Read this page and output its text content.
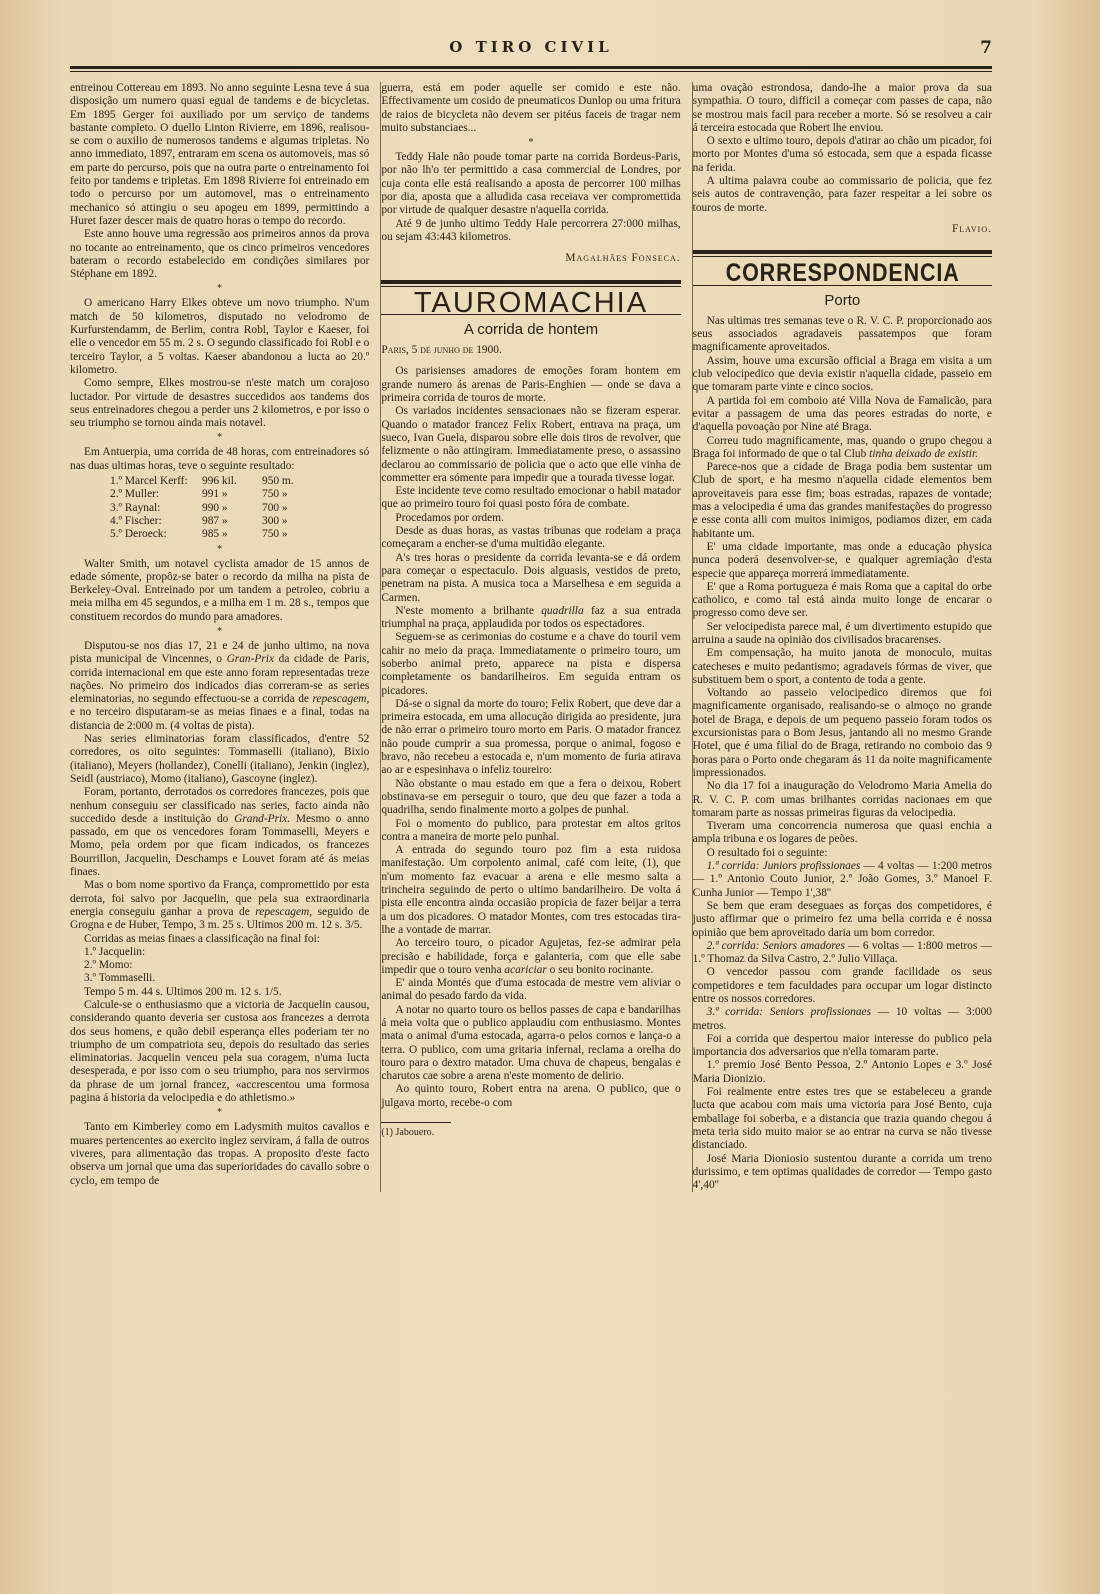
O TIRO CIVIL	7

entreinou Cottereau em 1893. No anno seguinte Lesna teve á sua disposição um numero quasi egual de tandems e de bicycletas. Em 1895 Gerger foi auxiliado por um serviço de tandems bastante completo. O duello Linton Rivierre, em 1896, realisou-se com o auxilio de numerosos tandems e algumas tripletas. No anno immediato, 1897, entraram em scena os automoveis, mas só em parte do percurso, pois que na outra parte o entreinamento foi feito por tandems e tripletas. Em 1898 Rivierre foi entreinado em todo o percurso por um automovel, mas o entreinamento mechanico só attingiu o seu apogeu em 1899, permittindo a Huret fazer descer mais de quatro horas o tempo do recordo.

Este anno houve uma regressão aos primeiros annos da prova no tocante ao entreinamento, que os cinco primeiros vencedores bateram o recordo estabelecido em condições similares por Stéphane em 1892.

*

O americano Harry Elkes obteve um novo triumpho. N'um match de 50 kilometros, disputado no velodromo de Kurfurstendamm, de Berlim, contra Robl, Taylor e Kaeser, foi elle o vencedor em 55 m. 2 s. O segundo classificado foi Robl e o terceiro Taylor, a 5 voltas. Kaeser abandonou a lucta ao 20.º kilometro.

Como sempre, Elkes mostrou-se n'este match um corajoso luctador. Por virtude de desastres succedidos aos tandems dos seus entreinadores chegou a perder uns 2 kilometros, e por isso o seu triumpho se tornou ainda mais notavel.

*

Em Antuerpia, uma corrida de 48 horas, com entreinadores só nas duas ultimas horas, teve o seguinte resultado:

1.º Marcel Kerff:	996 kil.	950 m.
2.º Muller:	991 »	750 »
3.º Raynal:	990 »	700 »
4.º Fischer:	987 »	300 »
5.º Deroeck:	985 »	750 »
*

Walter Smith, um notavel cyclista amador de 15 annos de edade sómente, propôz-se bater o recordo da milha na pista de Berkeley-Oval. Entreinado por um tandem a petroleo, cobriu a meia milha em 45 segundos, e a milha em 1 m. 28 s., tempos que constituem recordos do mundo para amadores.

*

Disputou-se nos dias 17, 21 e 24 de junho ultimo, na nova pista municipal de Vincennes, o Gran-Prix da cidade de Paris, corrida internacional em que este anno foram representadas treze nações. No primeiro dos indicados dias correram-se as series eleminatorias, no segundo effectuou-se a corrida de repescagem, e no terceiro disputaram-se as meias finaes e a final, todas na distancia de 2:000 m. (4 voltas de pista).

Nas series eliminatorias foram classificados, d'entre 52 corredores, os oito seguintes: Tommaselli (italiano), Bixio (italiano), Meyers (hollandez), Conelli (italiano), Jenkin (inglez), Seidl (austriaco), Momo (italiano), Gascoyne (inglez).

Foram, portanto, derrotados os corredores francezes, pois que nenhum conseguiu ser classificado nas series, facto ainda não succedido desde a instituição do Grand-Prix. Mesmo o anno passado, em que os vencedores foram Tommaselli, Meyers e Momo, pela ordem por que ficam indicados, os francezes Bourrillon, Jacquelin, Deschamps e Louvet foram até ás meias finaes.

Mas o bom nome sportivo da França, compromettido por esta derrota, foi salvo por Jacquelin, que pela sua extraordinaria energia conseguiu ganhar a prova de repescagem, seguido de Grogna e de Huber, Tempo, 3 m. 25 s. Ultimos 200 m. 12 s. 3/5.

Corridas as meias finaes a classificação na final foi:

1.º Jacquelin:
2.º Momo:
3.º Tommaselli.

Tempo 5 m. 44 s. Ultimos 200 m. 12 s. 1/5.

Calcule-se o enthusiasmo que a victoria de Jacquelin causou, considerando quanto deveria ser custosa aos francezes a derrota dos seus homens, e quão debil esperança elles poderiam ter no triumpho de um compatriota seu, depois do resultado das series eliminatorias. Jacquelin venceu pela sua coragem, n'uma lucta desesperada, e por isso com o seu triumpho, para nos servirmos da phrase de um jornal francez, «accrescentou uma formosa pagina á historia da velocipedia e do athletismo.»

*

Tanto em Kimberley como em Ladysmith muitos cavallos e muares pertencentes ao exercito inglez serviram, á falla de outros viveres, para alimentação das tropas. A proposito d'este facto observa um jornal que uma das superioridades do cavallo sobre o cyclo, em tempo de

guerra, está em poder aquelle ser comido e este não. Effectivamente um cosido de pneumaticos Dunlop ou uma fritura de raios de bicycleta não devem ser pitéus faceis de tragar nem muito substanciaes...

*

Teddy Hale não poude tomar parte na corrida Bordeus-Paris, por não lh'o ter permittido a casa commercial de Londres, por cuja conta elle está realisando a aposta de percorrer 100 milhas por dia, aposta que a alludida casa receiava ver compromettida por virtude de qualquer desastre n'aquella corrida.

Até 9 de junho ultimo Teddy Hale percorrera 27:000 milhas, ou sejam 43:443 kilometros.

Magalhães Fonseca.
TAUROMACHIA
A corrida de hontem
Paris, 5 de junho de 1900.

Os parisienses amadores de emoções foram hontem em grande numero ás arenas de Paris-Enghien — onde se dava a primeira corrida de touros de morte.

Os variados incidentes sensacionaes não se fizeram esperar. Quando o matador francez Felix Robert, entrava na praça, um sueco, Ivan Guela, disparou sobre elle dois tiros de revolver, que felizmente o não attingiram. Immediatamente preso, o assassino declarou ao commissario de policia que o acto que elle vinha de commetter era sómente para impedir que a tourada tivesse logar.

Este incidente teve como resultado emocionar o habil matador que ao primeiro touro foi quasi posto fóra de combate.

Procedamos por ordem.

Desde as duas horas, as vastas tribunas que rodeiam a praça começaram a encher-se d'uma multidão elegante.

A's tres horas o presidente da corrida levanta-se e dá ordem para começar o espectaculo. Dois alguasis, vestidos de preto, penetram na pista. A musica toca a Marselhesa e em seguida a Carmen.

N'este momento a brilhante quadrilla faz a sua entrada triumphal na praça, applaudida por todos os espectadores.

Seguem-se as cerimonias do costume e a chave do touril vem cahir no meio da praça. Immediatamente o primeiro touro, um soberbo animal preto, apparece na pista e dispersa completamente os bandarilheiros. Em seguida entram os picadores.

Dá-se o signal da morte do touro; Felix Robert, que deve dar a primeira estocada, em uma allocução dirigida ao presidente, jura de não errar o primeiro touro morto em Paris. O matador francez não poude cumprir a sua promessa, porque o animal, fogoso e bravo, não recebeu a estocada e, n'um momento de furia atirava ao ar e espesinhava o infeliz toureiro:

Não obstante o mau estado em que a fera o deixou, Robert obstinava-se em perseguir o touro, que deu que fazer a toda a quadrilha, sendo finalmente morto a golpes de punhal.

Foi o momento do publico, para protestar em altos gritos contra a maneira de morte pelo punhal.

A entrada do segundo touro poz fim a esta ruidosa manifestação. Um corpolento animal, café com leite, (1), que n'um momento faz evacuar a arena e elle mesmo salta a trincheira seguindo de perto o ultimo bandarilheiro. De volta á pista elle encontra ainda occasião propicia de fazer beijar a terra a um dos picadores. O matador Montes, com tres estocadas tira-lhe a vontade de marrar.

Ao terceiro touro, o picador Agujetas, fez-se admirar pela precisão e habilidade, força e galanteria, com que elle sabe impedir que o touro venha acariciar o seu bonito rocinante.

E' ainda Montés que d'uma estocada de mestre vem aliviar o animal do pesado fardo da vida.

A notar no quarto touro os bellos passes de capa e bandarilhas á meia volta que o publico applaudiu com enthusiasmo. Montes mata o animal d'uma estocada, agarra-o pelos cornos e lança-o a terra. O publico, com uma gritaria infernal, reclama a orelha do touro para o dextro matador. Uma chuva de chapeus, bengalas e charutos cae sobre a arena n'este momento de delirio.

Ao quinto touro, Robert entra na arena. O publico, que o julgava morto, recebe-o com

(1) Jabouero.

uma ovação estrondosa, dando-lhe a maior prova da sua sympathia. O touro, difficil a começar com passes de capa, não se mostrou mais facil para receber a morte. Só se resolveu a cair á terceira estocada que Robert lhe enviou.

O sexto e ultimo touro, depois d'atirar ao chão um picador, foi morto por Montes d'uma só estocada, sem que a espada ficasse na ferida.

A ultima palavra coube ao commissario de policia, que fez seis autos de contravenção, para fazer respeitar a lei sobre os touros de morte.

Flavio.
CORRESPONDENCIA
Porto

Nas ultimas tres semanas teve o R. V. C. P. proporcionado aos seus associados agradaveis passatempos que foram magnificamente aproveitados.

Assim, houve uma excursão official a Braga em visita a um club velocipedico que devia existir n'aquella cidade, passeio em que tomaram parte vinte e cinco socios.

A partida foi em comboio até Villa Nova de Famalicão, para evitar a passagem de uma das peores estradas do norte, e d'aquella povoação por Nine até Braga.

Correu tudo magnificamente, mas, quando o grupo chegou a Braga foi informado de que o tal Club tinha deixado de existir.

Parece-nos que a cidade de Braga podia bem sustentar um Club de sport, e ha mesmo n'aquella cidade elementos bem aproveitaveis para esse fim; boas estradas, rapazes de vontade; mas a velocipedia é uma das grandes manifestações do progresso e esse conta alli com muitos inimigos, podiamos dizer, em cada habitante um.

E' uma cidade importante, mas onde a educação physica nunca poderá desenvolver-se, e qualquer agremiação d'esta especie que appareça morrerá immediatamente.

E' que a Roma portugueza é mais Roma que a capital do orbe catholico, e como tal está ainda muito longe de encarar o progresso como deve ser.

Ser velocipedista parece mal, é um divertimento estupido que arruina a saude na opinião dos civilisados bracarenses.

Em compensação, ha muito janota de monoculo, muitas catecheses e muito pedantismo; agradaveis fórmas de viver, que substituem bem o sport, a contento de toda a gente.

Voltando ao passeio velocipedico diremos que foi magnificamente organisado, realisando-se o almoço no grande hotel de Braga, e depois de um pequeno passeio foram todos os excursionistas para o Bom Jesus, jantando ali no mesmo Grande Hotel, que é uma filial do de Braga, retirando no comboio das 9 horas para o Porto onde chegaram ás 11 da noite magnificamente impressionados.

No dia 17 foi a inauguração do Velodromo Maria Amelia do R. V. C. P. com umas brilhantes corridas nacionaes em que tomaram parte as nossas primeiras figuras da velocipedia.

Tiveram uma concorrencia numerosa que quasi enchia a ampla tribuna e os logares de peões.

O resultado foi o seguinte:

1.ª corrida: Juniors profissionaes — 4 voltas — 1:200 metros — 1.º Antonio Couto Junior, 2.º João Gomes, 3.º Manoel F. Cunha Junior — Tempo 1',38''

Se bem que eram deseguaes as forças dos competidores, é justo affirmar que o primeiro fez uma bella corrida e é nossa opinião que bem aproveitado daria um bom corredor.

2.ª corrida: Seniors amadores — 6 voltas — 1:800 metros — 1.º Thomaz da Silva Castro, 2.º Julio Villaça.

O vencedor passou com grande facilidade os seus competidores e tem faculdades para occupar um logar distincto entre os nossos corredores.

3.ª corrida: Seniors profissionaes — 10 voltas — 3:000 metros.

Foi a corrida que despertou maior interesse do publico pela importancia dos adversarios que n'ella tomaram parte.

1.º premio José Bento Pessoa, 2.º Antonio Lopes e 3.º José Maria Dionizio.

Foi realmente entre estes tres que se estabeleceu a grande lucta que acabou com mais uma victoria para José Bento, cuja emballage foi soberba, e a distancia que trazia quando chegou á meta teria sido muito maior se ao entrar na curva se não tivesse distanciado.

José Maria Dioniosio sustentou durante a corrida um treno durissimo, e tem optimas qualidades de corredor — Tempo gasto 4',40''
